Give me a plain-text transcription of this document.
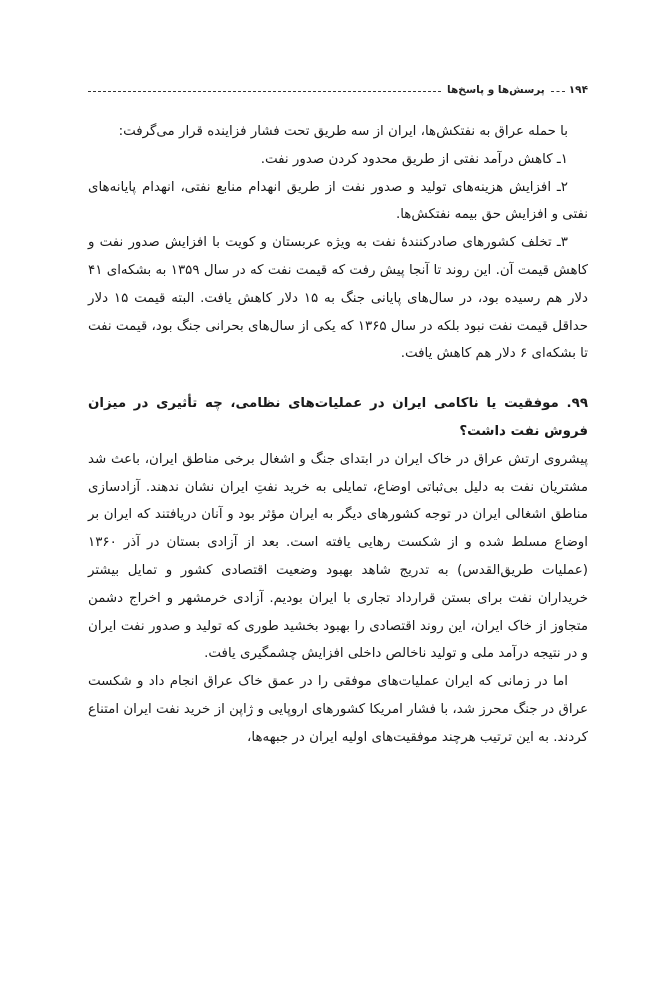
۱۹۴
پرسش‌ها و پاسخ‌ها

با حمله عراق به نفتکش‌ها، ایران از سه طریق تحت فشار فزاینده قرار می‌گرفت:

۱ـ کاهش درآمد نفتی از طریق محدود کردن صدور نفت.

۲ـ افزایش هزینه‌های تولید و صدور نفت از طریق انهدام منابع نفتی، انهدام پایانه‌های نفتی و افزایش حق بیمه نفتکش‌ها.

۳ـ تخلف کشورهای صادرکنندهٔ نفت به ویژه عربستان و کویت با افزایش صدور نفت و کاهش قیمت آن. این روند تا آنجا پیش رفت که قیمت نفت که در سال ۱۳۵۹ به بشکه‌ای ۴۱ دلار هم رسیده بود، در سال‌های پایانی جنگ به ۱۵ دلار کاهش یافت. البته قیمت ۱۵ دلار حداقل قیمت نفت نبود بلکه در سال ۱۳۶۵ که یکی از سال‌های بحرانی جنگ بود، قیمت نفت تا بشکه‌ای ۶ دلار هم کاهش یافت.

۹۹. موفقیت یا ناکامی ایران در عملیات‌های نظامی، چه تأثیری در میزان فروش نفت داشت؟

پیشروی ارتش عراق در خاک ایران در ابتدای جنگ و اشغال برخی مناطق ایران، باعث شد مشتریان نفت به دلیل بی‌ثباتی اوضاع، تمایلی به خرید نفتِ ایران نشان ندهند. آزادسازی مناطق اشغالی ایران در توجه کشورهای دیگر به ایران مؤثر بود و آنان دریافتند که ایران بر اوضاع مسلط شده و از شکست رهایی یافته است. بعد از آزادی بستان در آذر ۱۳۶۰ (عملیات طریق‌القدس) به تدریج شاهد بهبود وضعیت اقتصادی کشور و تمایل بیشتر خریداران نفت برای بستن قرارداد تجاری با ایران بودیم. آزادی خرمشهر و اخراج دشمن متجاوز از خاک ایران، این روند اقتصادی را بهبود بخشید طوری که تولید و صدور نفت ایران و در نتیجه درآمد ملی و تولید ناخالص داخلی افزایش چشمگیری یافت.

اما در زمانی که ایران عملیات‌های موفقی را در عمق خاک عراق انجام داد و شکست عراق در جنگ محرز شد، با فشار امریکا کشورهای اروپایی و ژاپن از خرید نفت ایران امتناع کردند. به این ترتیب هرچند موفقیت‌های اولیه ایران در جبهه‌ها،
